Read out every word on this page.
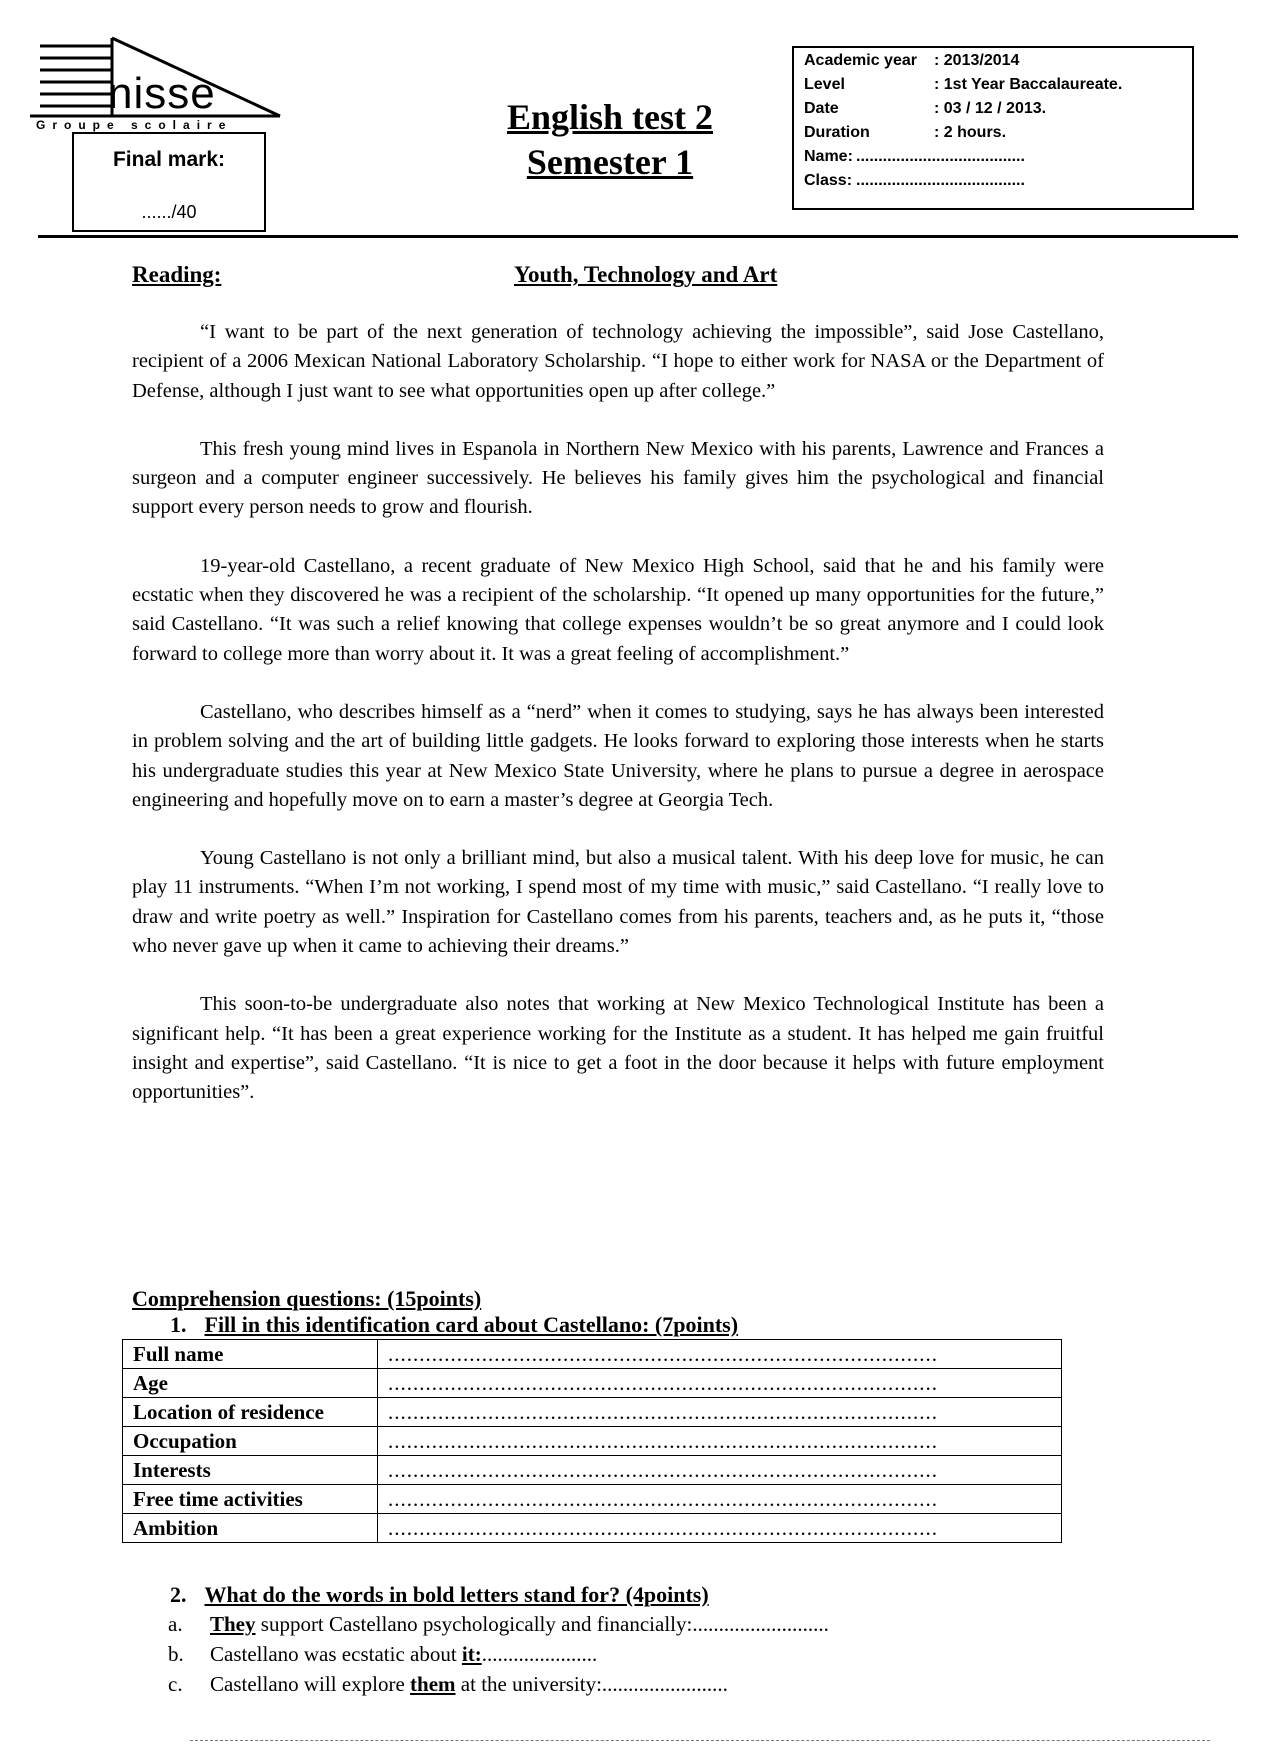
nisse
Groupe scolaire
Final mark:
....../40
English test 2
Semester 1
Academic year	: 2013/2014
Level	: 1st Year Baccalaureate.
Date	: 03 / 12 / 2013.
Duration	: 2 hours.
Name: ......................................
Class: ......................................
Reading:	Youth, Technology and Art

“I want to be part of the next generation of technology achieving the impossible”, said Jose Castellano, recipient of a 2006 Mexican National Laboratory Scholarship. “I hope to either work for NASA or the Department of Defense, although I just want to see what opportunities open up after college.”

This fresh young mind lives in Espanola in Northern New Mexico with his parents, Lawrence and Frances a surgeon and a computer engineer successively. He believes his family gives him the psychological and financial support every person needs to grow and flourish.

19-year-old Castellano, a recent graduate of New Mexico High School, said that he and his family were ecstatic when they discovered he was a recipient of the scholarship. “It opened up many opportunities for the future,” said Castellano. “It was such a relief knowing that college expenses wouldn’t be so great anymore and I could look forward to college more than worry about it. It was a great feeling of accomplishment.”

Castellano, who describes himself as a “nerd” when it comes to studying, says he has always been interested in problem solving and the art of building little gadgets. He looks forward to exploring those interests when he starts his undergraduate studies this year at New Mexico State University, where he plans to pursue a degree in aerospace engineering and hopefully move on to earn a master’s degree at Georgia Tech.

Young Castellano is not only a brilliant mind, but also a musical talent. With his deep love for music, he can play 11 instruments. “When I’m not working, I spend most of my time with music,” said Castellano. “I really love to draw and write poetry as well.” Inspiration for Castellano comes from his parents, teachers and, as he puts it, “those who never gave up when it came to achieving their dreams.”

This soon-to-be undergraduate also notes that working at New Mexico Technological Institute has been a significant help. “It has been a great experience working for the Institute as a student. It has helped me gain fruitful insight and expertise”, said Castellano. “It is nice to get a foot in the door because it helps with future employment opportunities”.

Comprehension questions: (15points)
1. Fill in this identification card about Castellano: (7points)
Full name	........................................................................................
Age	........................................................................................
Location of residence	........................................................................................
Occupation	........................................................................................
Interests	........................................................................................
Free time activities	........................................................................................
Ambition	........................................................................................
2. What do the words in bold letters stand for? (4points)
a. They support Castellano psychologically and financially:..........................
b. Castellano was ecstatic about it:......................
c. Castellano will explore them at the university:........................
